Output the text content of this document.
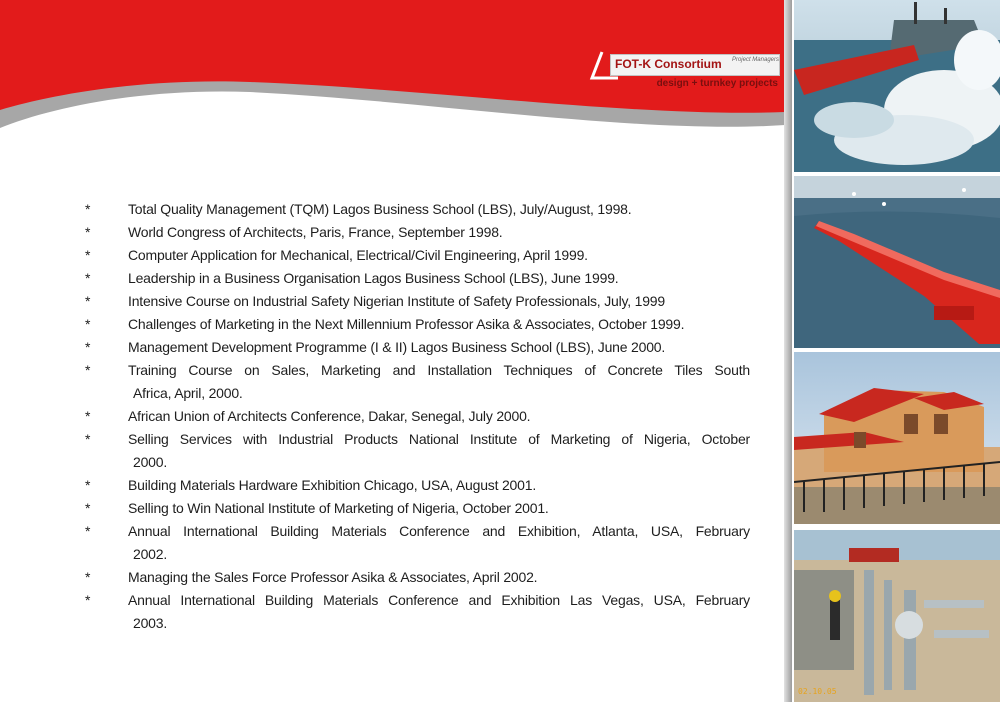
FOT-K Consortium Project Managers
design + turnkey projects
*	Total Quality Management (TQM) Lagos Business School (LBS), July/August, 1998.
*	World Congress of Architects, Paris, France, September 1998.
*	Computer Application for Mechanical, Electrical/Civil Engineering, April 1999.
*	Leadership in a Business Organisation Lagos Business School (LBS), June 1999.
*	Intensive Course on Industrial Safety Nigerian Institute of Safety Professionals, July, 1999
*	Challenges of Marketing in the Next Millennium Professor Asika & Associates, October 1999.
*	Management Development Programme (I & II) Lagos Business School (LBS), June 2000.
*	Training Course on Sales, Marketing and Installation Techniques of Concrete Tiles South
Africa, April, 2000.
*	African Union of Architects Conference, Dakar, Senegal, July 2000.
*	Selling Services with Industrial Products National Institute of Marketing of Nigeria, October
2000.
*	Building Materials Hardware Exhibition Chicago, USA, August 2001.
*	Selling to Win National Institute of Marketing of Nigeria, October 2001.
*	Annual International Building Materials Conference and Exhibition, Atlanta, USA, February
2002.
*	Managing the Sales Force Professor Asika & Associates, April 2002.
*	Annual International Building Materials Conference and Exhibition Las Vegas, USA, February
2003.
02.10.05
